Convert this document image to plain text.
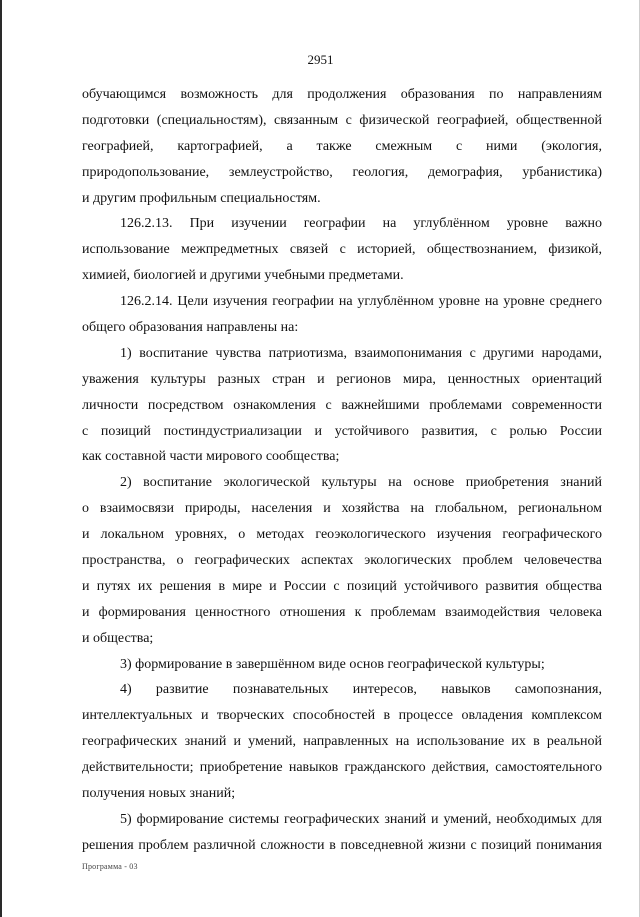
2951
обучающимся возможность для продолжения образования по направлениям
подготовки (специальностям), связанным с физической географией, общественной
географией, картографией, а также смежным с ними (экология,
природопользование, землеустройство, геология, демография, урбанистика)
и другим профильным специальностям.
126.2.13. При изучении географии на углублённом уровне важно
использование межпредметных связей с историей, обществознанием, физикой,
химией, биологией и другими учебными предметами.
126.2.14. Цели изучения географии на углублённом уровне на уровне среднего
общего образования направлены на:
1) воспитание чувства патриотизма, взаимопонимания с другими народами,
уважения культуры разных стран и регионов мира, ценностных ориентаций
личности посредством ознакомления с важнейшими проблемами современности
с позиций постиндустриализации и устойчивого развития, с ролью России
как составной части мирового сообщества;
2) воспитание экологической культуры на основе приобретения знаний
о взаимосвязи природы, населения и хозяйства на глобальном, региональном
и локальном уровнях, о методах геоэкологического изучения географического
пространства, о географических аспектах экологических проблем человечества
и путях их решения в мире и России с позиций устойчивого развития общества
и формирования ценностного отношения к проблемам взаимодействия человека
и общества;
3) формирование в завершённом виде основ географической культуры;
4) развитие познавательных интересов, навыков самопознания,
интеллектуальных и творческих способностей в процессе овладения комплексом
географических знаний и умений, направленных на использование их в реальной
действительности; приобретение навыков гражданского действия, самостоятельного
получения новых знаний;
5) формирование системы географических знаний и умений, необходимых для
решения проблем различной сложности в повседневной жизни с позиций понимания
Программа - 03
